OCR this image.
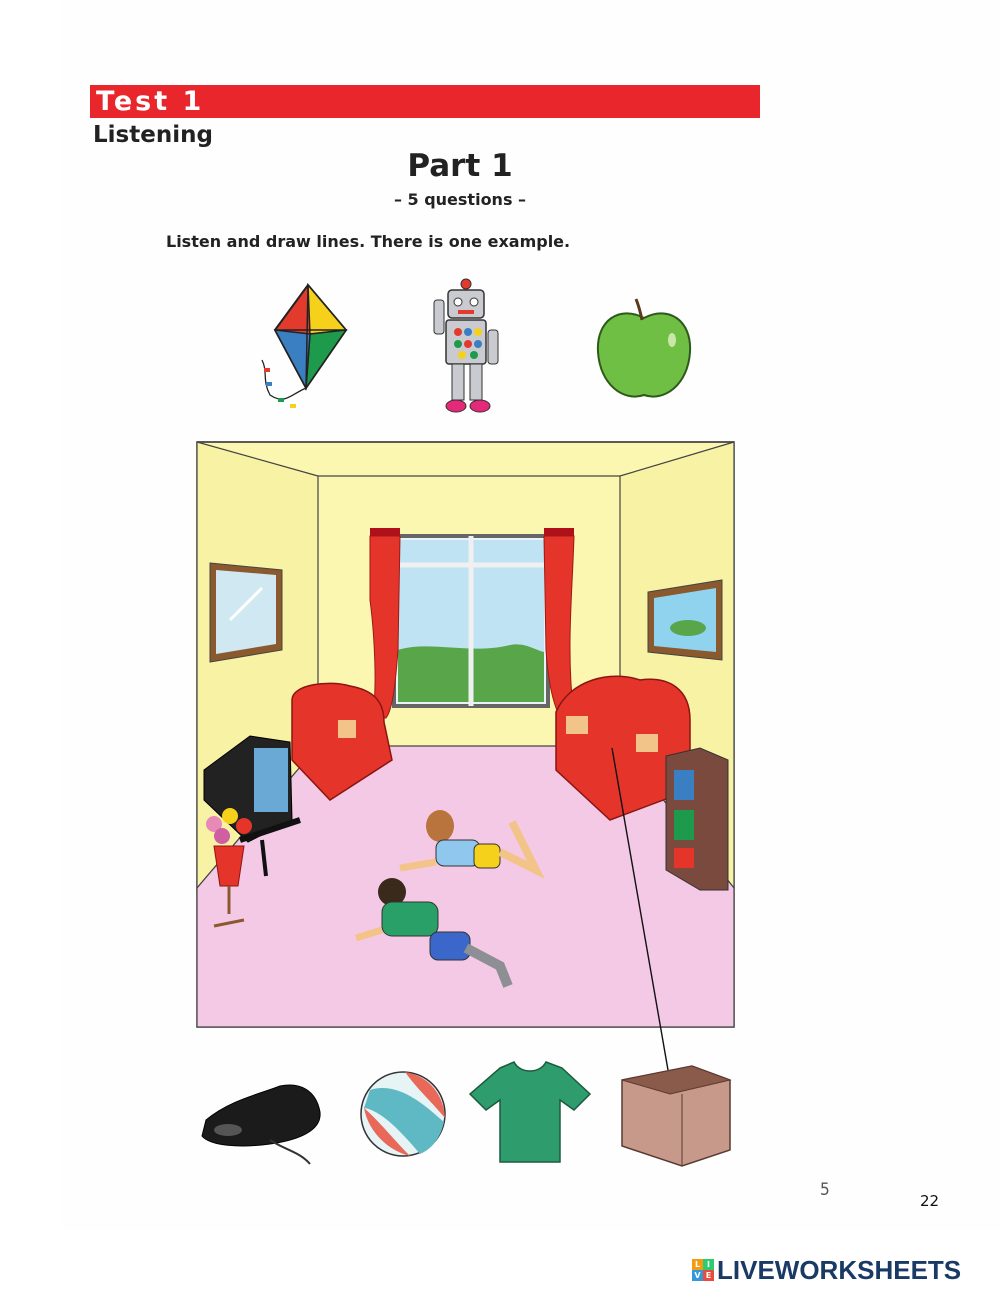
Test 1
Listening
Part 1
– 5 questions –
Listen and draw lines. There is one example.
5
22
L I
V E LIVEWORKSHEETS
